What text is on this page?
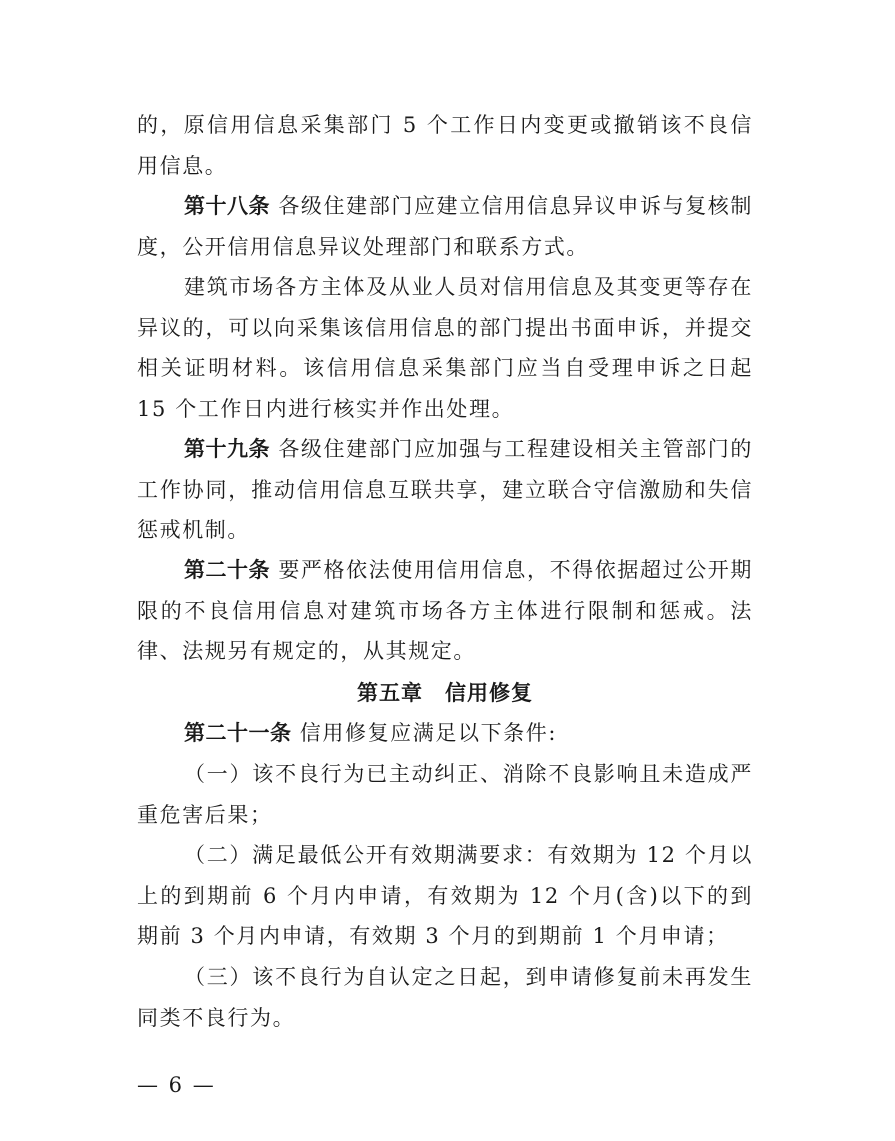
的，原信用信息采集部门 5 个工作日内变更或撤销该不良信用信息。

第十八条 各级住建部门应建立信用信息异议申诉与复核制度，公开信用信息异议处理部门和联系方式。

建筑市场各方主体及从业人员对信用信息及其变更等存在异议的，可以向采集该信用信息的部门提出书面申诉，并提交相关证明材料。该信用信息采集部门应当自受理申诉之日起 15 个工作日内进行核实并作出处理。

第十九条 各级住建部门应加强与工程建设相关主管部门的工作协同，推动信用信息互联共享，建立联合守信激励和失信惩戒机制。

第二十条 要严格依法使用信用信息，不得依据超过公开期限的不良信用信息对建筑市场各方主体进行限制和惩戒。法律、法规另有规定的，从其规定。

第五章　信用修复

第二十一条 信用修复应满足以下条件:

（一）该不良行为已主动纠正、消除不良影响且未造成严重危害后果；

（二）满足最低公开有效期满要求：有效期为 12 个月以上的到期前 6 个月内申请，有效期为 12 个月(含)以下的到期前 3 个月内申请，有效期 3 个月的到期前 1 个月申请；

（三）该不良行为自认定之日起，到申请修复前未再发生同类不良行为。

— 6 —
